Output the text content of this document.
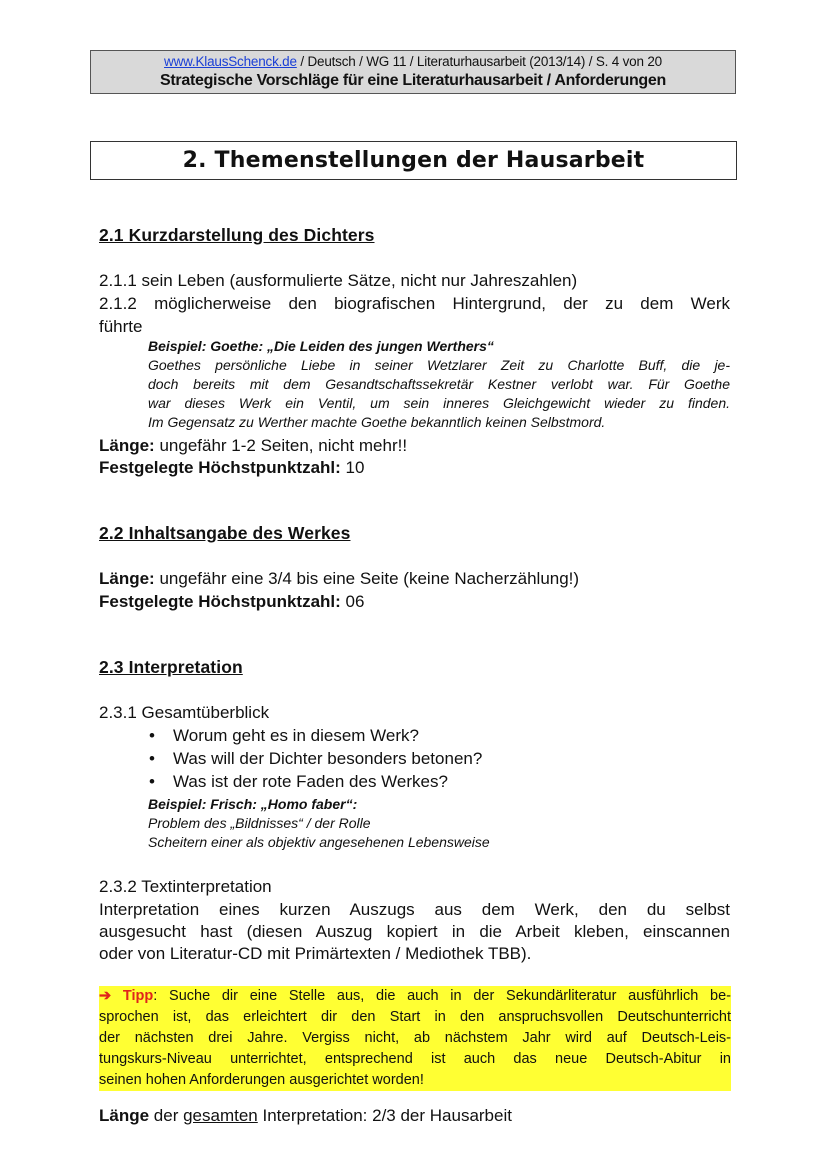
www.KlausSchenck.de / Deutsch / WG 11 / Literaturhausarbeit (2013/14) / S. 4 von 20
Strategische Vorschläge für eine Literaturhausarbeit / Anforderungen
2. Themenstellungen der Hausarbeit
2.1 Kurzdarstellung des Dichters
2.1.1 sein Leben (ausformulierte Sätze, nicht nur Jahreszahlen)
2.1.2 möglicherweise den biografischen Hintergrund, der zu dem Werk
führte
Beispiel: Goethe: „Die Leiden des jungen Werthers“
Goethes persönliche Liebe in seiner Wetzlarer Zeit zu Charlotte Buff, die je-
doch bereits mit dem Gesandtschaftssekretär Kestner verlobt war. Für Goethe
war dieses Werk ein Ventil, um sein inneres Gleichgewicht wieder zu finden.
Im Gegensatz zu Werther machte Goethe bekanntlich keinen Selbstmord.
Länge: ungefähr 1-2 Seiten, nicht mehr!!
Festgelegte Höchstpunktzahl: 10
2.2 Inhaltsangabe des Werkes
Länge: ungefähr eine 3/4 bis eine Seite (keine Nacherzählung!)
Festgelegte Höchstpunktzahl: 06
2.3 Interpretation
2.3.1 Gesamtüberblick
• Worum geht es in diesem Werk?
• Was will der Dichter besonders betonen?
• Was ist der rote Faden des Werkes?
Beispiel: Frisch: „Homo faber“:
Problem des „Bildnisses“ / der Rolle
Scheitern einer als objektiv angesehenen Lebensweise
2.3.2 Textinterpretation
Interpretation eines kurzen Auszugs aus dem Werk, den du selbst
ausgesucht hast (diesen Auszug kopiert in die Arbeit kleben, einscannen
oder von Literatur-CD mit Primärtexten / Mediothek TBB).
➔ Tipp: Suche dir eine Stelle aus, die auch in der Sekundärliteratur ausführlich be-
sprochen ist, das erleichtert dir den Start in den anspruchsvollen Deutschunterricht
der nächsten drei Jahre. Vergiss nicht, ab nächstem Jahr wird auf Deutsch-Leis-
tungskurs-Niveau unterrichtet, entsprechend ist auch das neue Deutsch-Abitur in
seinen hohen Anforderungen ausgerichtet worden!
Länge der gesamten Interpretation: 2/3 der Hausarbeit
